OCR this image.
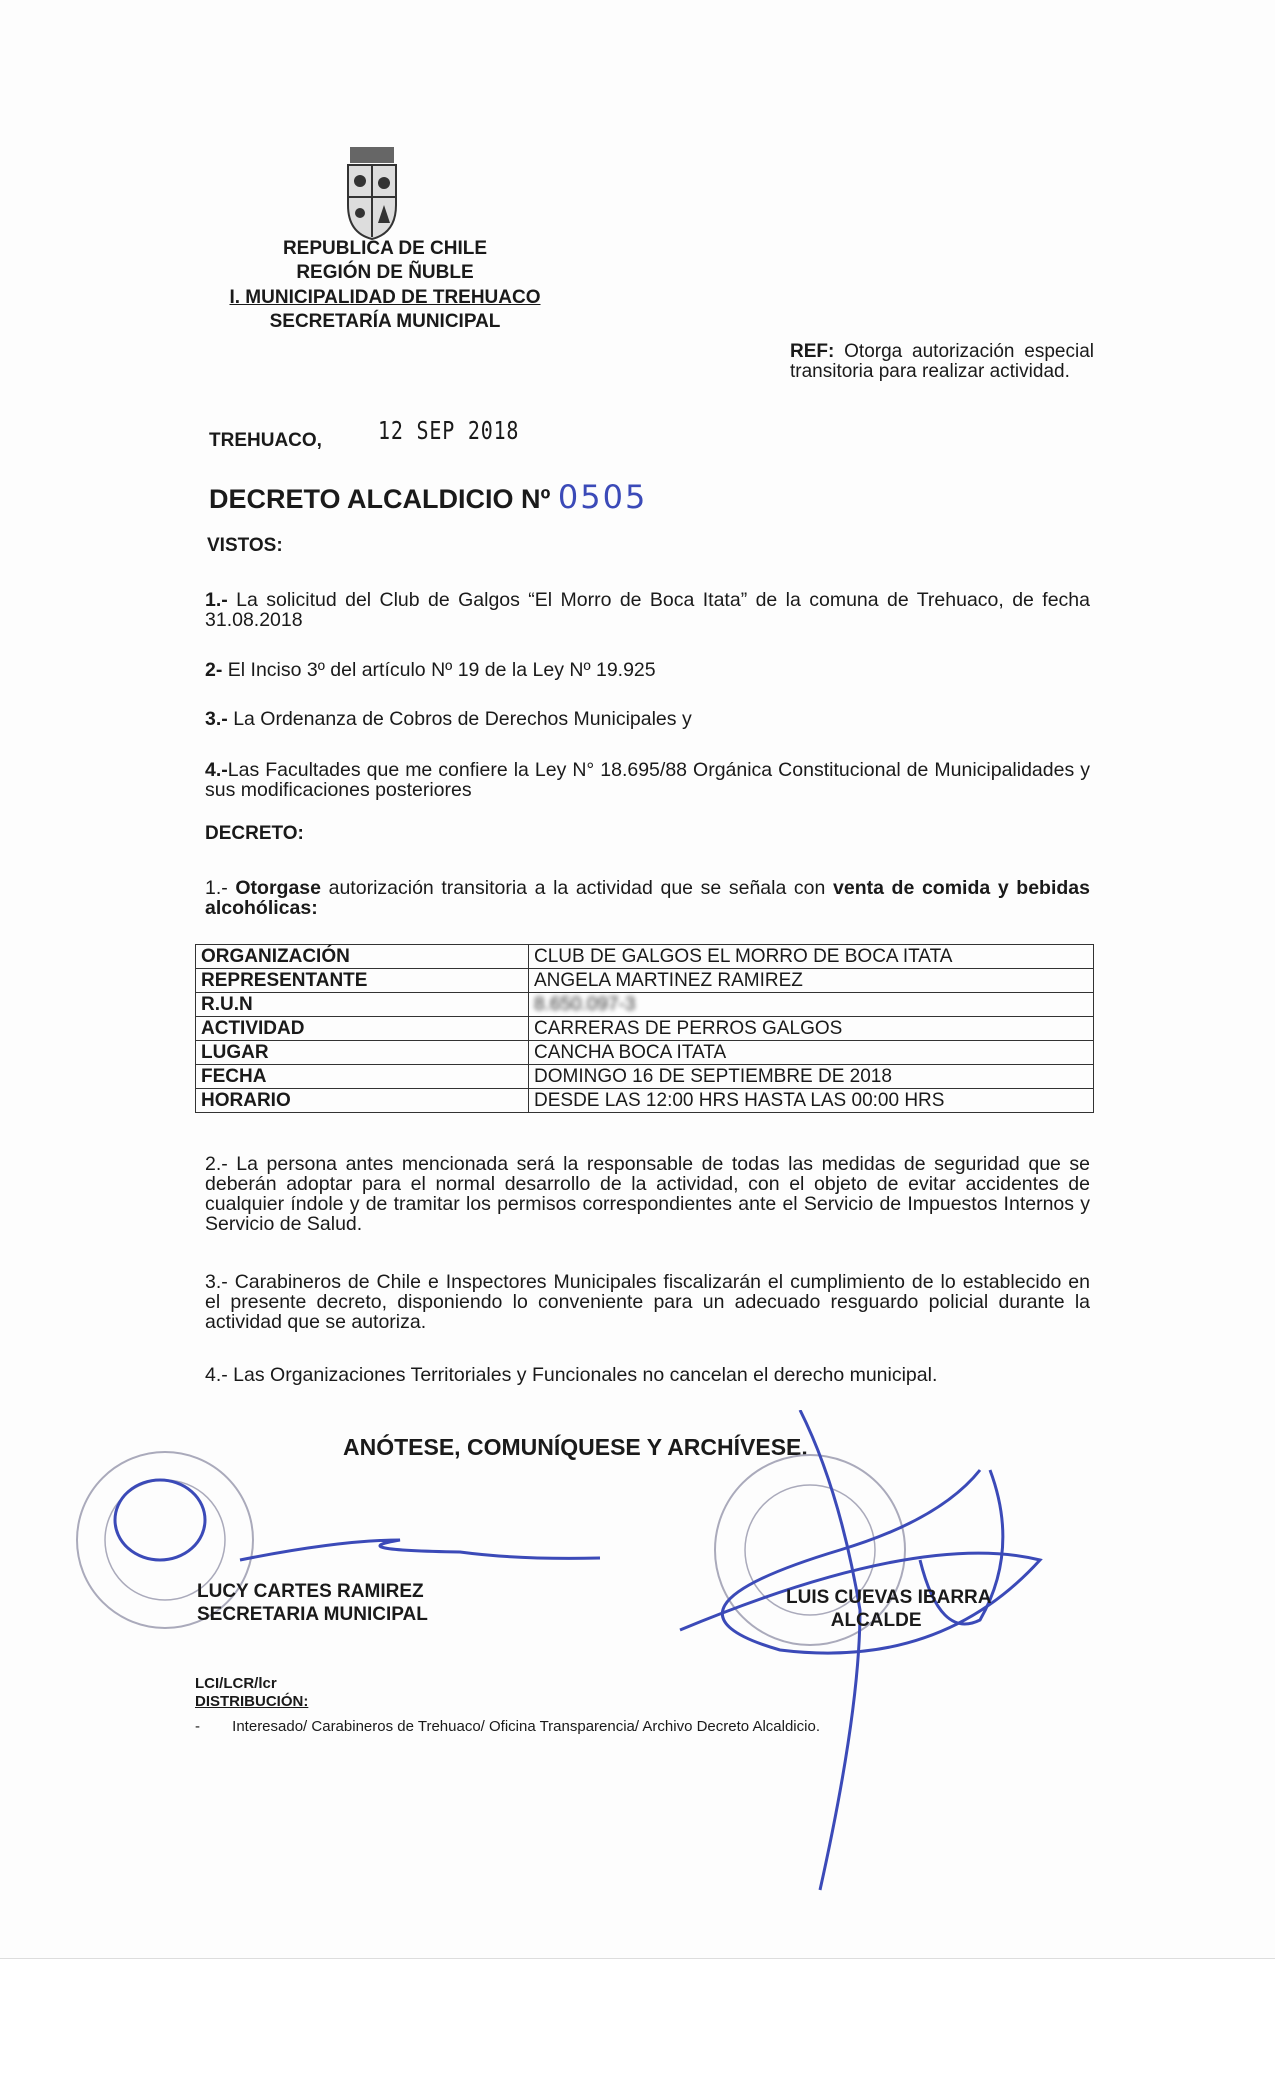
REPUBLICA DE CHILE
REGIÓN DE ÑUBLE
I. MUNICIPALIDAD DE TREHUACO
SECRETARÍA MUNICIPAL
REF: Otorga autorización especial transitoria para realizar actividad.
TREHUACO, 12 SEP 2018
DECRETO ALCALDICIO Nº 0505
VISTOS:
1.- La solicitud del Club de Galgos “El Morro de Boca Itata” de la comuna de Trehuaco, de fecha 31.08.2018
2- El Inciso 3º del artículo Nº 19 de la Ley Nº 19.925
3.- La Ordenanza de Cobros de Derechos Municipales y
4.-Las Facultades que me confiere la Ley N° 18.695/88 Orgánica Constitucional de Municipalidades y sus modificaciones posteriores
DECRETO:
1.- Otorgase autorización transitoria a la actividad que se señala con venta de comida y bebidas alcohólicas:
ORGANIZACIÓN	CLUB DE GALGOS EL MORRO DE BOCA ITATA
REPRESENTANTE	ANGELA MARTINEZ RAMIREZ
R.U.N	8.650.097-3
ACTIVIDAD	CARRERAS DE PERROS GALGOS
LUGAR	CANCHA BOCA ITATA
FECHA	DOMINGO 16 DE SEPTIEMBRE DE 2018
HORARIO	DESDE LAS 12:00 HRS HASTA LAS 00:00 HRS
2.- La persona antes mencionada será la responsable de todas las medidas de seguridad que se deberán adoptar para el normal desarrollo de la actividad, con el objeto de evitar accidentes de cualquier índole y de tramitar los permisos correspondientes ante el Servicio de Impuestos Internos y Servicio de Salud.
3.- Carabineros de Chile e Inspectores Municipales fiscalizarán el cumplimiento de lo establecido en el presente decreto, disponiendo lo conveniente para un adecuado resguardo policial durante la actividad que se autoriza.
4.- Las Organizaciones Territoriales y Funcionales no cancelan el derecho municipal.
ANÓTESE, COMUNÍQUESE Y ARCHÍVESE.
LUCY CARTES RAMIREZ
SECRETARIA MUNICIPAL
LUIS CUEVAS IBARRA
ALCALDE
LCI/LCR/lcr
DISTRIBUCIÓN:
- Interesado/ Carabineros de Trehuaco/ Oficina Transparencia/ Archivo Decreto Alcaldicio.
